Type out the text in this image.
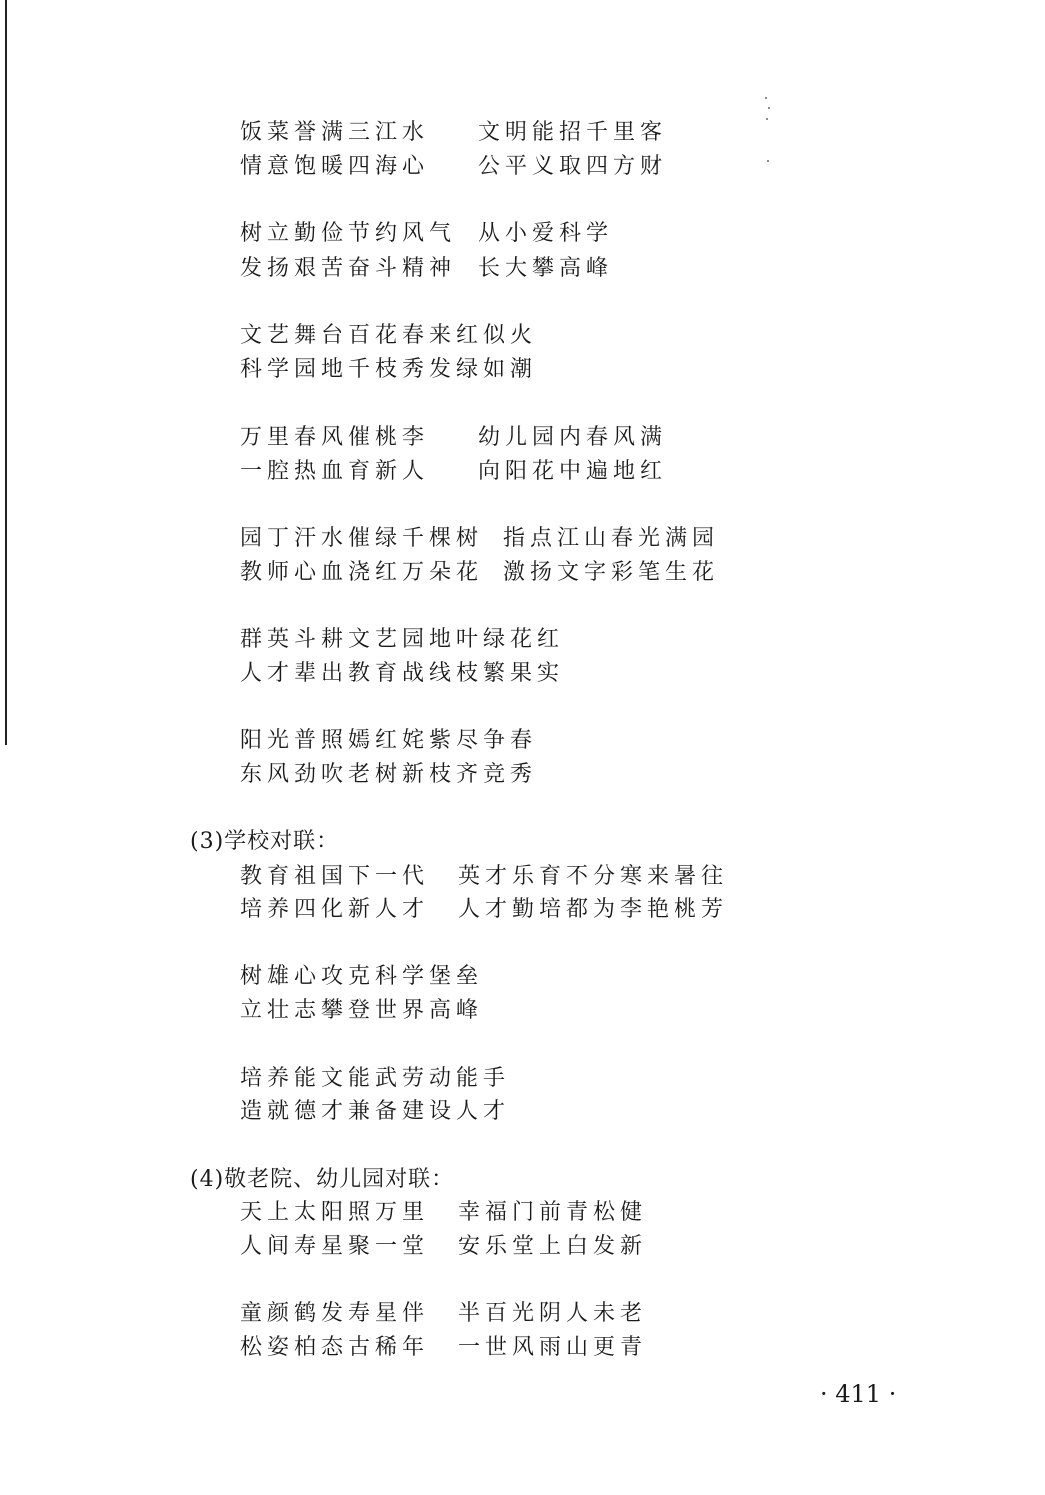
饭菜誉满三江水 文明能招千里客
情意饱暖四海心 公平义取四方财
树立勤俭节约风气 从小爱科学
发扬艰苦奋斗精神 长大攀高峰
文艺舞台百花春来红似火
科学园地千枝秀发绿如潮
万里春风催桃李 幼儿园内春风满
一腔热血育新人 向阳花中遍地红
园丁汗水催绿千棵树 指点江山春光满园
教师心血浇红万朵花 激扬文字彩笔生花
群英斗耕文艺园地叶绿花红
人才辈出教育战线枝繁果实
阳光普照嫣红姹紫尽争春
东风劲吹老树新枝齐竞秀
(3)学校对联：
教育祖国下一代 英才乐育不分寒来暑往
培养四化新人才 人才勤培都为李艳桃芳
树雄心攻克科学堡垒
立壮志攀登世界高峰
培养能文能武劳动能手
造就德才兼备建设人才
(4)敬老院、幼儿园对联：
天上太阳照万里 幸福门前青松健
人间寿星聚一堂 安乐堂上白发新
童颜鹤发寿星伴 半百光阴人未老
松姿柏态古稀年 一世风雨山更青
· 411 ·
